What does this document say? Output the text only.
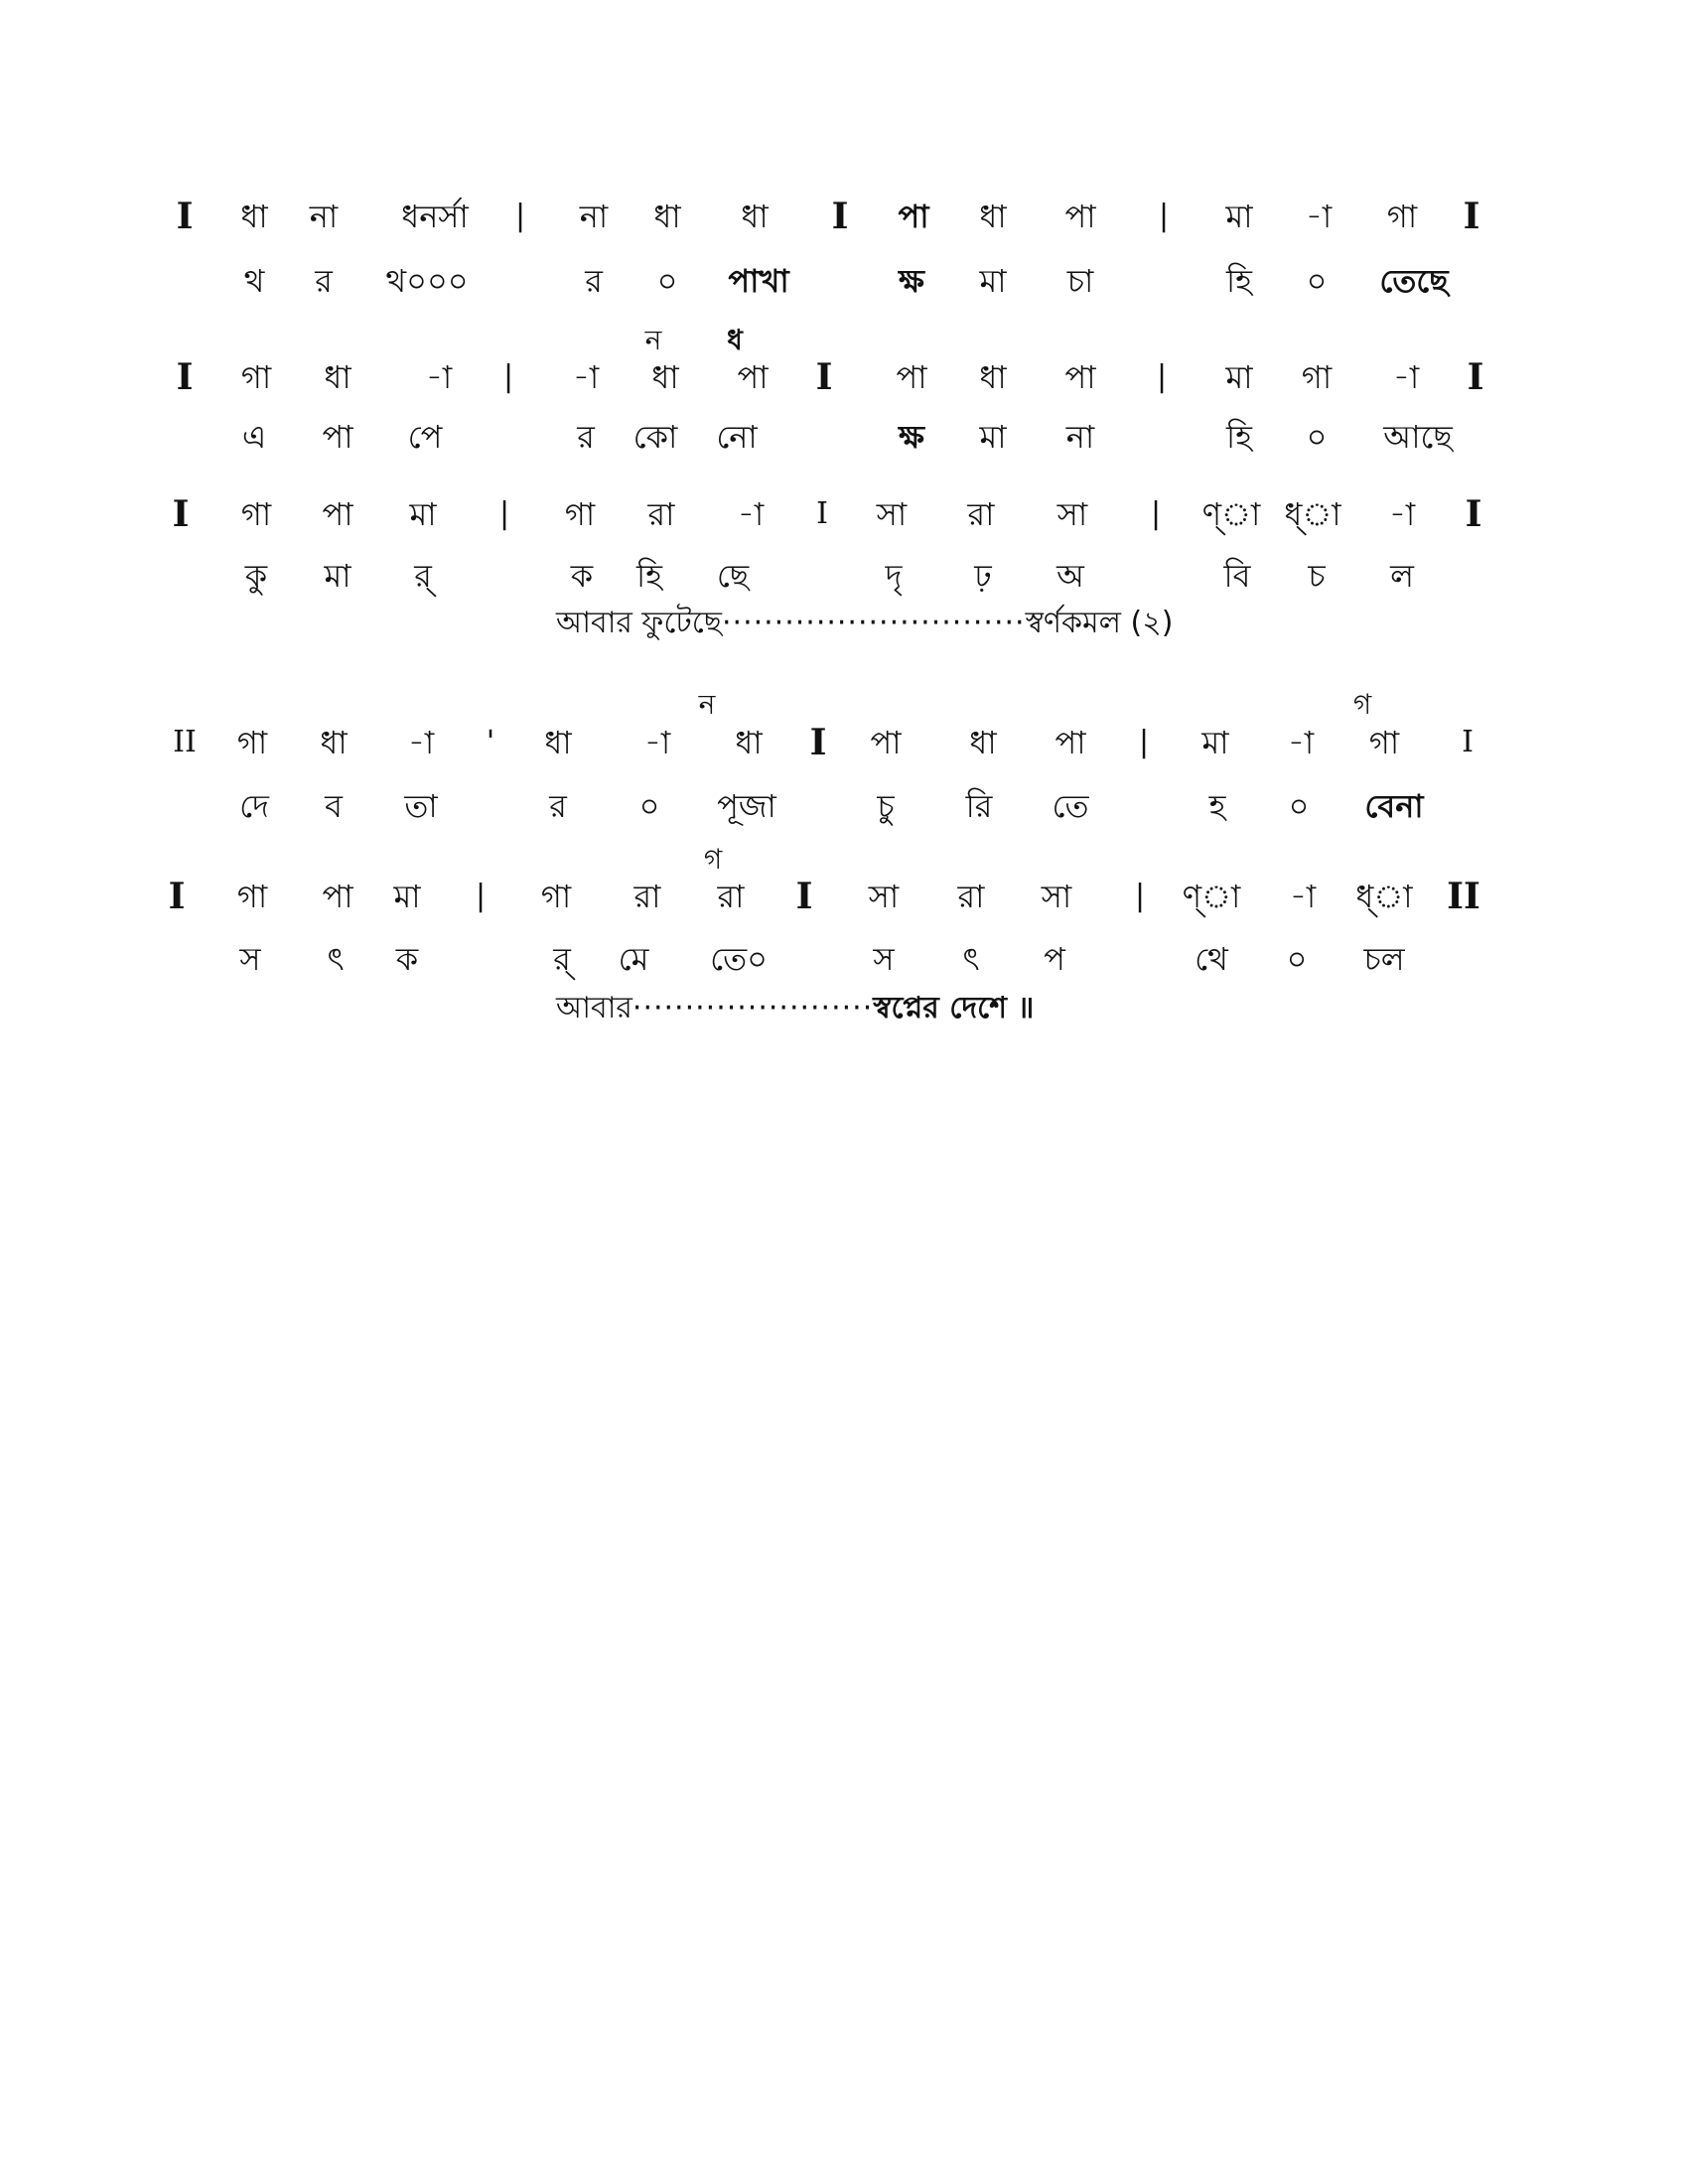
I ধা না ধনর্সা | না ধা ধা I পা ধা পা | মা -া গা I
থ র থ০০০	র ০ পাখা	ক্ষ মা চা	হি ০ তেছে
ন ধ
I গা ধা -া | -া ধা পা I পা ধা পা | মা গা -া I
এ পা পে	র কো নো	ক্ষ মা না	হি ০ আছে
I গা পা মা | গা রা -া I সা রা সা | ণ্া ধ্া -া I
কু মা র্	ক হি ছে	দৃ ঢ় অ	বি চ ল
আবার ফুটেছে·····························স্বর্ণকমল (২)
ন	গ
II গা ধা -া ' ধা -া ধা I পা ধা পা | মা -া গা I
দে ব তা	র ০ পূজা	চু রি তে	হ ০ বেনা
গ
I গা পা মা | গা রা রা I সা রা সা | ণ্া -া ধ্া II
স ৎ ক	র্ মে তে০	স ৎ প	থে ০ চল
আবার·······················স্বপ্নের দেশে ॥
